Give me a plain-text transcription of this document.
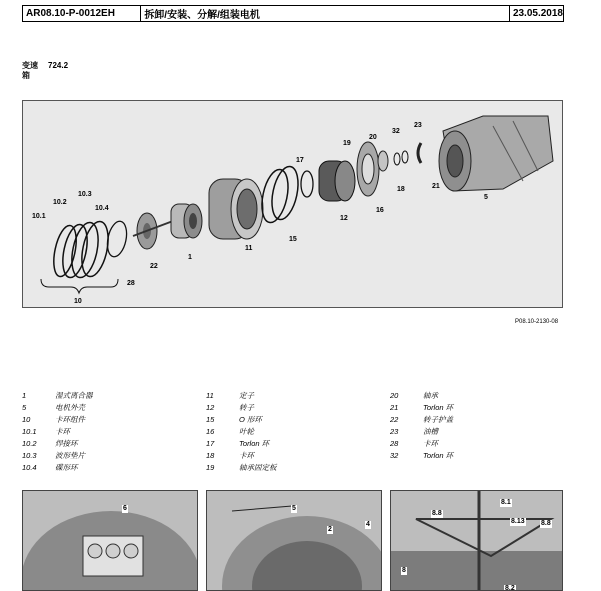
AR08.10-P-0012EH	拆卸/安装、分解/组装电机	23.05.2018
变速 724.2
箱
10.1
10.2
10.3
10.4
10
28
22
1
11
15
17
12
19
20
32
23
16
18	21
5
P08.10-2130-08
1	湿式离合器
5	电机外壳
10	卡环组件
10.1	卡环
10.2	焊接环
10.3	波形垫片
10.4	碟形环
11	定子
12	转子
15	O 形环
16	叶轮
17	Torlon 环
18	卡环
19	轴承固定板
20	轴承
21	Torlon 环
22	转子护盖
23	油槽
28	卡环
32	Torlon 环
6	5
2
4
8.8
8.1
8.13 8.8
8
8.2
